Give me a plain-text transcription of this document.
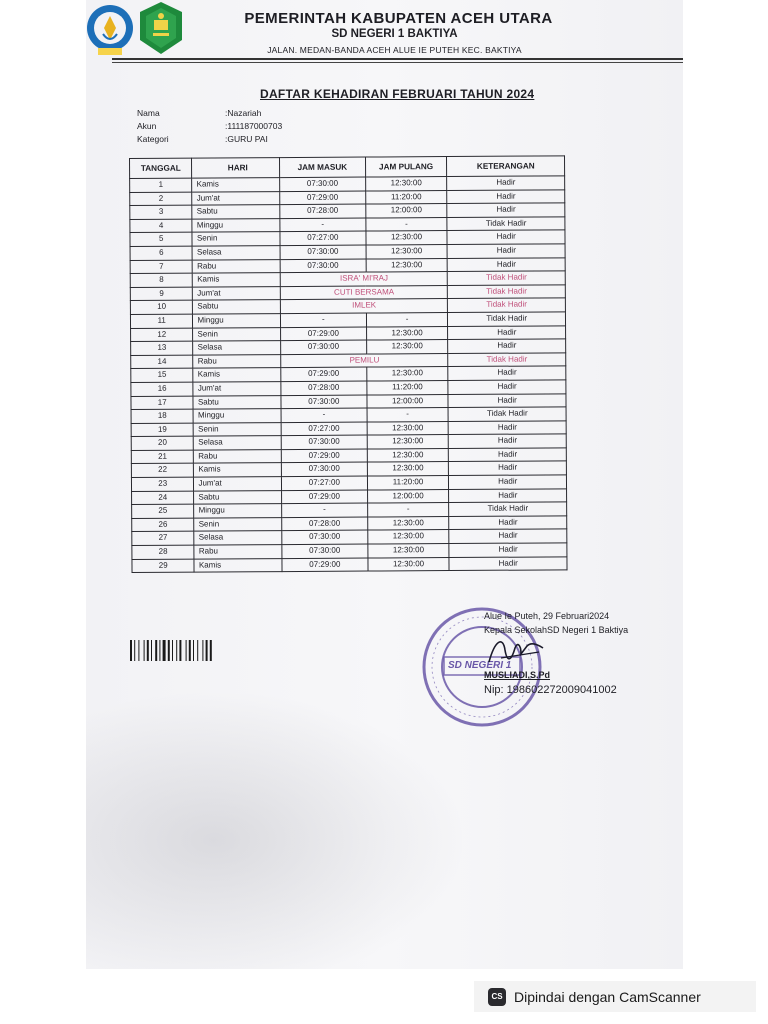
PEMERINTAH KABUPATEN ACEH UTARA
SD NEGERI 1 BAKTIYA
JALAN. MEDAN-BANDA ACEH ALUE IE PUTEH KEC. BAKTIYA
DAFTAR KEHADIRAN FEBRUARI TAHUN 2024
Nama	:Nazariah
Akun	:111187000703
Kategori	:GURU PAI
TANGGAL	HARI	JAM MASUK	JAM PULANG	KETERANGAN
1	Kamis	07:30:00	12:30:00	Hadir
2	Jum'at	07:29:00	11:20:00	Hadir
3	Sabtu	07:28:00	12:00:00	Hadir
4	Minggu	-	-	Tidak Hadir
5	Senin	07:27:00	12:30:00	Hadir
6	Selasa	07:30:00	12:30:00	Hadir
7	Rabu	07:30:00	12:30:00	Hadir
8	Kamis	ISRA' MI'RAJ		Tidak Hadir
9	Jum'at	CUTI BERSAMA		Tidak Hadir
10	Sabtu	IMLEK		Tidak Hadir
11	Minggu	-	-	Tidak Hadir
12	Senin	07:29:00	12:30:00	Hadir
13	Selasa	07:30:00	12:30:00	Hadir
14	Rabu	PEMILU		Tidak Hadir
15	Kamis	07:29:00	12:30:00	Hadir
16	Jum'at	07:28:00	11:20:00	Hadir
17	Sabtu	07:30:00	12:00:00	Hadir
18	Minggu	-	-	Tidak Hadir
19	Senin	07:27:00	12:30:00	Hadir
20	Selasa	07:30:00	12:30:00	Hadir
21	Rabu	07:29:00	12:30:00	Hadir
22	Kamis	07:30:00	12:30:00	Hadir
23	Jum'at	07:27:00	11:20:00	Hadir
24	Sabtu	07:29:00	12:00:00	Hadir
25	Minggu	-	-	Tidak Hadir
26	Senin	07:28:00	12:30:00	Hadir
27	Selasa	07:30:00	12:30:00	Hadir
28	Rabu	07:30:00	12:30:00	Hadir
29	Kamis	07:29:00	12:30:00	Hadir
SD NEGERI 1
Alue Ie Puteh, 29 Februari2024
Kepala SekolahSD Negeri 1 Baktiya
MUSLIADI,S.Pd
Nip: 198602272009041002
CS Dipindai dengan CamScanner
